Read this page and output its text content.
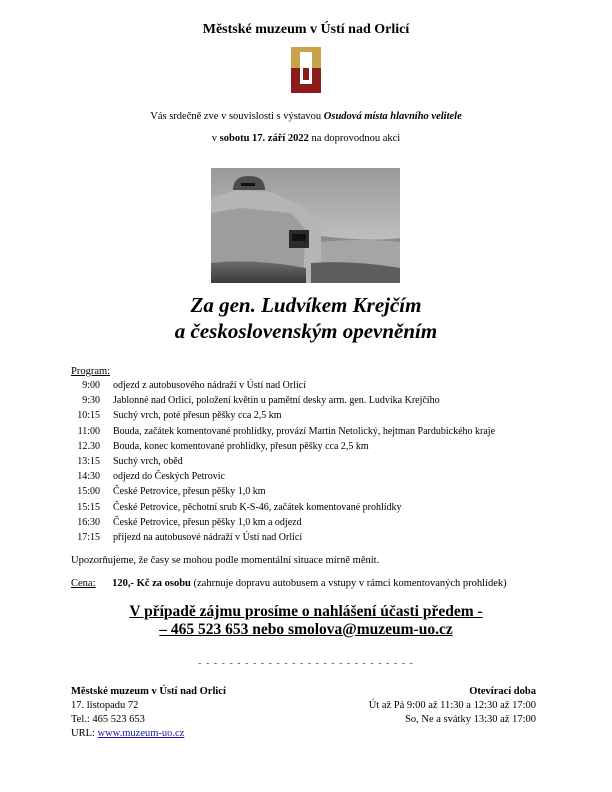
Městské muzeum v Ústí nad Orlicí
Vás srdečně zve v souvislosti s výstavou Osudová místa hlavního velitele
v sobotu 17. září 2022 na doprovodnou akci
Za gen. Ludvíkem Krejčím
a československým opevněním
Program:
9:00 odjezd z autobusového nádraží v Ústí nad Orlicí
9:30 Jablonné nad Orlicí, položení květin u pamětní desky arm. gen. Ludvíka Krejčího
10:15 Suchý vrch, poté přesun pěšky cca 2,5 km
11:00 Bouda, začátek komentované prohlídky, provází Martin Netolický, hejtman Pardubického kraje
12.30 Bouda, konec komentované prohlídky, přesun pěšky cca 2,5 km
13:15 Suchý vrch, oběd
14:30 odjezd do Českých Petrovic
15:00 České Petrovice, přesun pěšky 1,0 km
15:15 České Petrovice, pěchotní srub K-S-46, začátek komentované prohlídky
16:30 České Petrovice, přesun pěšky 1,0 km a odjezd
17:15 příjezd na autobusové nádraží v Ústí nad Orlicí
Upozorňujeme, že časy se mohou podle momentální situace mírně měnit.
Cena: 120,- Kč za osobu (zahrnuje dopravu autobusem a vstupy v rámci komentovaných prohlídek)
V případě zájmu prosíme o nahlášení účasti předem -
– 465 523 653 nebo smolova@muzeum-uo.cz
- - - - - - - - - - - - - - - - - - - - - - - - - - - -
Městské muzeum v Ústí nad Orlicí
17. listopadu 72
Tel.: 465 523 653
URL: www.muzeum-uo.cz
Otevírací doba
Út až Pá 9:00 až 11:30 a 12:30 až 17:00
So, Ne a svátky 13:30 až 17:00
